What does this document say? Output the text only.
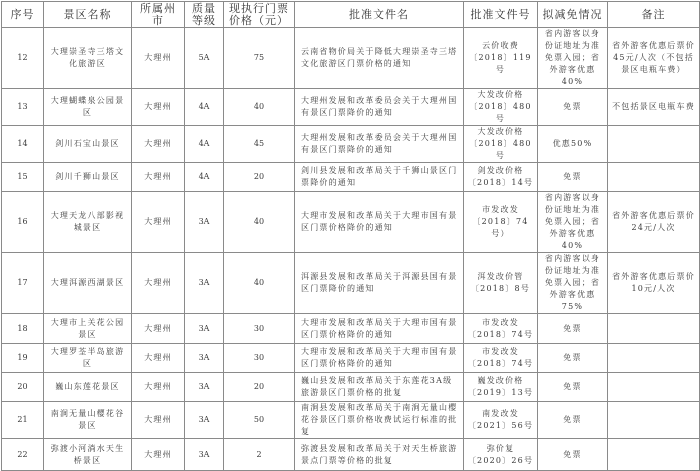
序号	景区名称	所属州市	质量等级	现执行门票价格（元）	批准文件名	批准文件号	拟减免情况	备注
12	大理崇圣寺三塔文化旅游区	大理州	5A	75	云南省物价局关于降低大理崇圣寺三塔文化旅游区门票价格的通知	云价收费〔2018〕119号	省内游客以身份证地址为准免票入园；省外游客优惠40%	省外游客优惠后票价45元/人次（不包括景区电瓶车费）
13	大理蝴蝶泉公园景区	大理州	4A	40	大理州发展和改革委员会关于大理州国有景区门票降价的通知	大发改价格〔2018〕480号	免票	不包括景区电瓶车费
14	剑川石宝山景区	大理州	4A	45	大理州发展和改革委员会关于大理州国有景区门票降价的通知	大发改价格〔2018〕480号	优惠50%	
15	剑川千狮山景区	大理州	4A	20	剑川县发展和改革局关于千狮山景区门票降价的通知	剑发改价格〔2018〕14号	免票	
16	大理天龙八部影视城景区	大理州	3A	40	大理市发展和改革局关于大理市国有景区门票价格降价的通知	市发改发〔2018〕74号）	省内游客以身份证地址为准免票入园；省外游客优惠40%	省外游客优惠后票价24元/人次
17	大理洱源西湖景区	大理州	3A	40	洱源县发展和改革局关于洱源县国有景区门票降价的通知	洱发改价管〔2018〕8号	省内游客以身份证地址为准免票入园；省外游客优惠75%	省外游客优惠后票价10元/人次
18	大理市上关花公园景区	大理州	3A	30	大理市发展和改革局关于大理市国有景区门票价格降价的通知	市发改发〔2018〕74号	免票	
19	大理罗荃半岛旅游区	大理州	3A	30	大理市发展和改革局关于大理市国有景区门票价格降价的通知	市发改发〔2018〕74号	免票	
20	巍山东莲花景区	大理州	3A	20	巍山县发展和改革局关于东莲花3A级旅游景区门票价格的批复	巍发改价格〔2019〕13号	免票	
21	南涧无量山樱花谷景区	大理州	3A	50	南涧县发展和改革局关于南涧无量山樱花谷景区门票价格收费试运行标准的批复	南发改发〔2021〕56号	免票	
22	弥渡小河淌水天生桥景区	大理州	3A	2	弥渡县发展和改革局关于对天生桥旅游景点门票等价格的批复	弥价复〔2020〕26号	免票	
